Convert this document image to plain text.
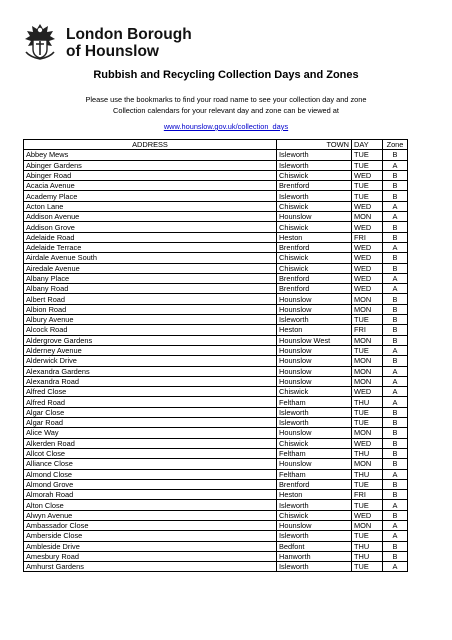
London Borough
of Hounslow
Rubbish and Recycling Collection Days and Zones
Please use the bookmarks to find your road name to see your collection day and zone
Collection calendars for your relevant day and zone can be viewed at
www.hounslow.gov.uk/collection_days
ADDRESS	TOWN	DAY	Zone
Abbey Mews	Isleworth	TUE	B
Abinger Gardens	Isleworth	TUE	A
Abinger Road	Chiswick	WED	B
Acacia Avenue	Brentford	TUE	B
Academy Place	Isleworth	TUE	B
Acton Lane	Chiswick	WED	A
Addison Avenue	Hounslow	MON	A
Addison Grove	Chiswick	WED	B
Adelaide Road	Heston	FRI	B
Adelaide Terrace	Brentford	WED	A
Airdale Avenue South	Chiswick	WED	B
Airedale Avenue	Chiswick	WED	B
Albany Place	Brentford	WED	A
Albany Road	Brentford	WED	A
Albert Road	Hounslow	MON	B
Albion Road	Hounslow	MON	B
Albury Avenue	Isleworth	TUE	B
Alcock Road	Heston	FRI	B
Aldergrove Gardens	Hounslow West	MON	B
Alderney Avenue	Hounslow	TUE	A
Alderwick Drive	Hounslow	MON	B
Alexandra Gardens	Hounslow	MON	A
Alexandra Road	Hounslow	MON	A
Alfred Close	Chiswick	WED	A
Alfred Road	Feltham	THU	A
Algar Close	Isleworth	TUE	B
Algar Road	Isleworth	TUE	B
Alice Way	Hounslow	MON	B
Alkerden Road	Chiswick	WED	B
Allcot Close	Feltham	THU	B
Alliance Close	Hounslow	MON	B
Almond Close	Feltham	THU	A
Almond Grove	Brentford	TUE	B
Almorah Road	Heston	FRI	B
Alton Close	Isleworth	TUE	A
Alwyn Avenue	Chiswick	WED	B
Ambassador Close	Hounslow	MON	A
Amberside Close	Isleworth	TUE	A
Ambleside Drive	Bedfont	THU	B
Amesbury Road	Hanworth	THU	B
Amhurst Gardens	Isleworth	TUE	A
